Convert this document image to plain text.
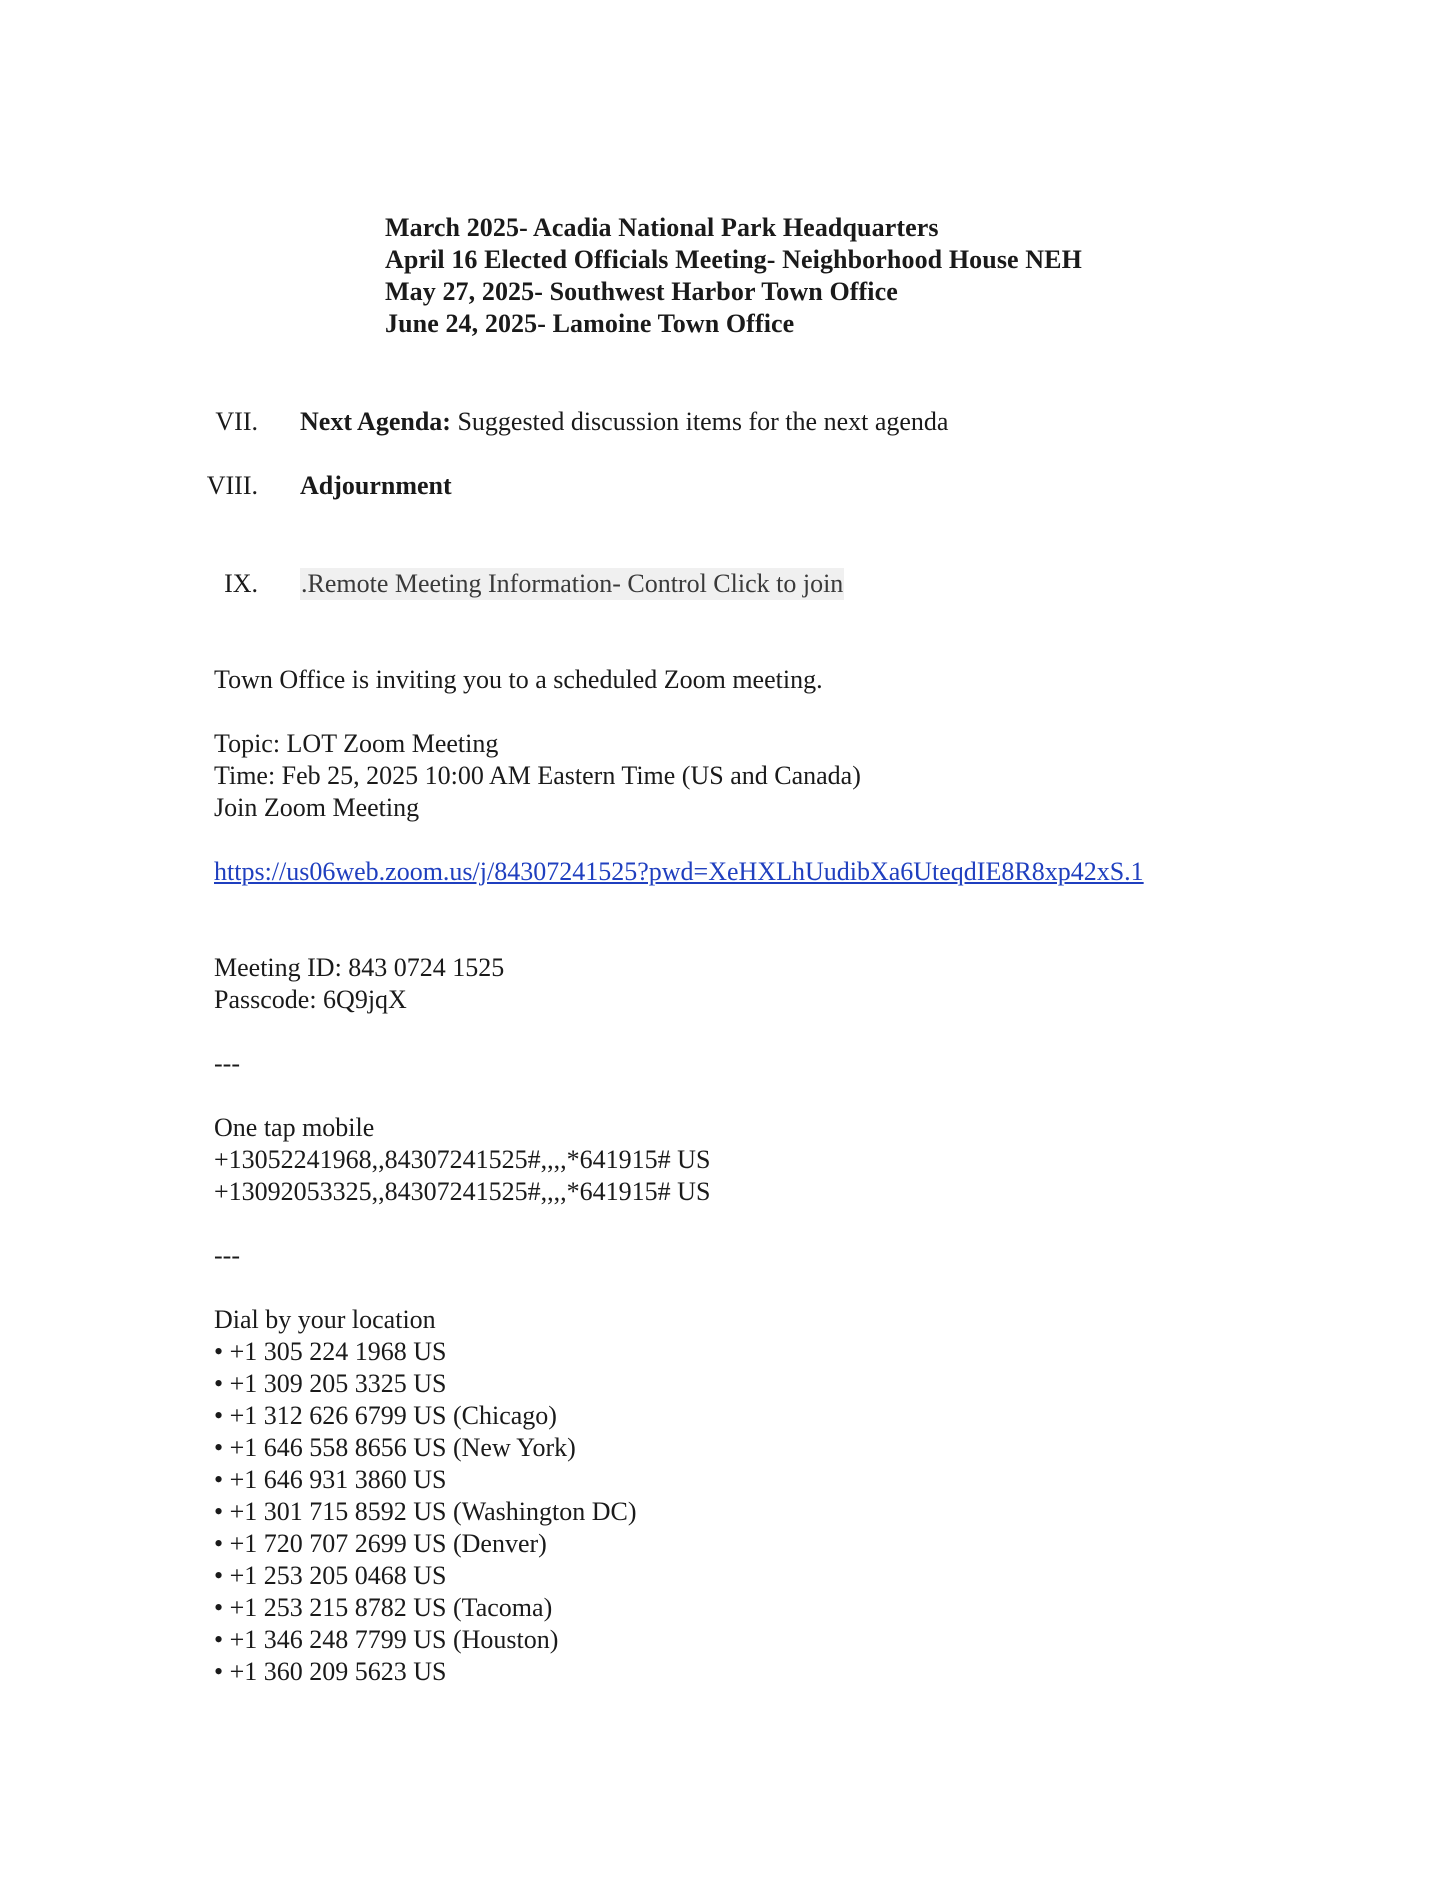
March 2025- Acadia National Park Headquarters
April 16 Elected Officials Meeting- Neighborhood House NEH
May 27, 2025- Southwest Harbor Town Office
June 24, 2025- Lamoine Town Office
VII. Next Agenda: Suggested discussion items for the next agenda
VIII. Adjournment
IX. .Remote Meeting Information- Control Click to join
Town Office is inviting you to a scheduled Zoom meeting.
Topic: LOT Zoom Meeting
Time: Feb 25, 2025 10:00 AM Eastern Time (US and Canada)
Join Zoom Meeting
https://us06web.zoom.us/j/84307241525?pwd=XeHXLhUudibXa6UteqdIE8R8xp42xS.1
Meeting ID: 843 0724 1525
Passcode: 6Q9jqX
---
One tap mobile
+13052241968,,84307241525#,,,,*641915# US
+13092053325,,84307241525#,,,,*641915# US
---
Dial by your location
• +1 305 224 1968 US
• +1 309 205 3325 US
• +1 312 626 6799 US (Chicago)
• +1 646 558 8656 US (New York)
• +1 646 931 3860 US
• +1 301 715 8592 US (Washington DC)
• +1 720 707 2699 US (Denver)
• +1 253 205 0468 US
• +1 253 215 8782 US (Tacoma)
• +1 346 248 7799 US (Houston)
• +1 360 209 5623 US
